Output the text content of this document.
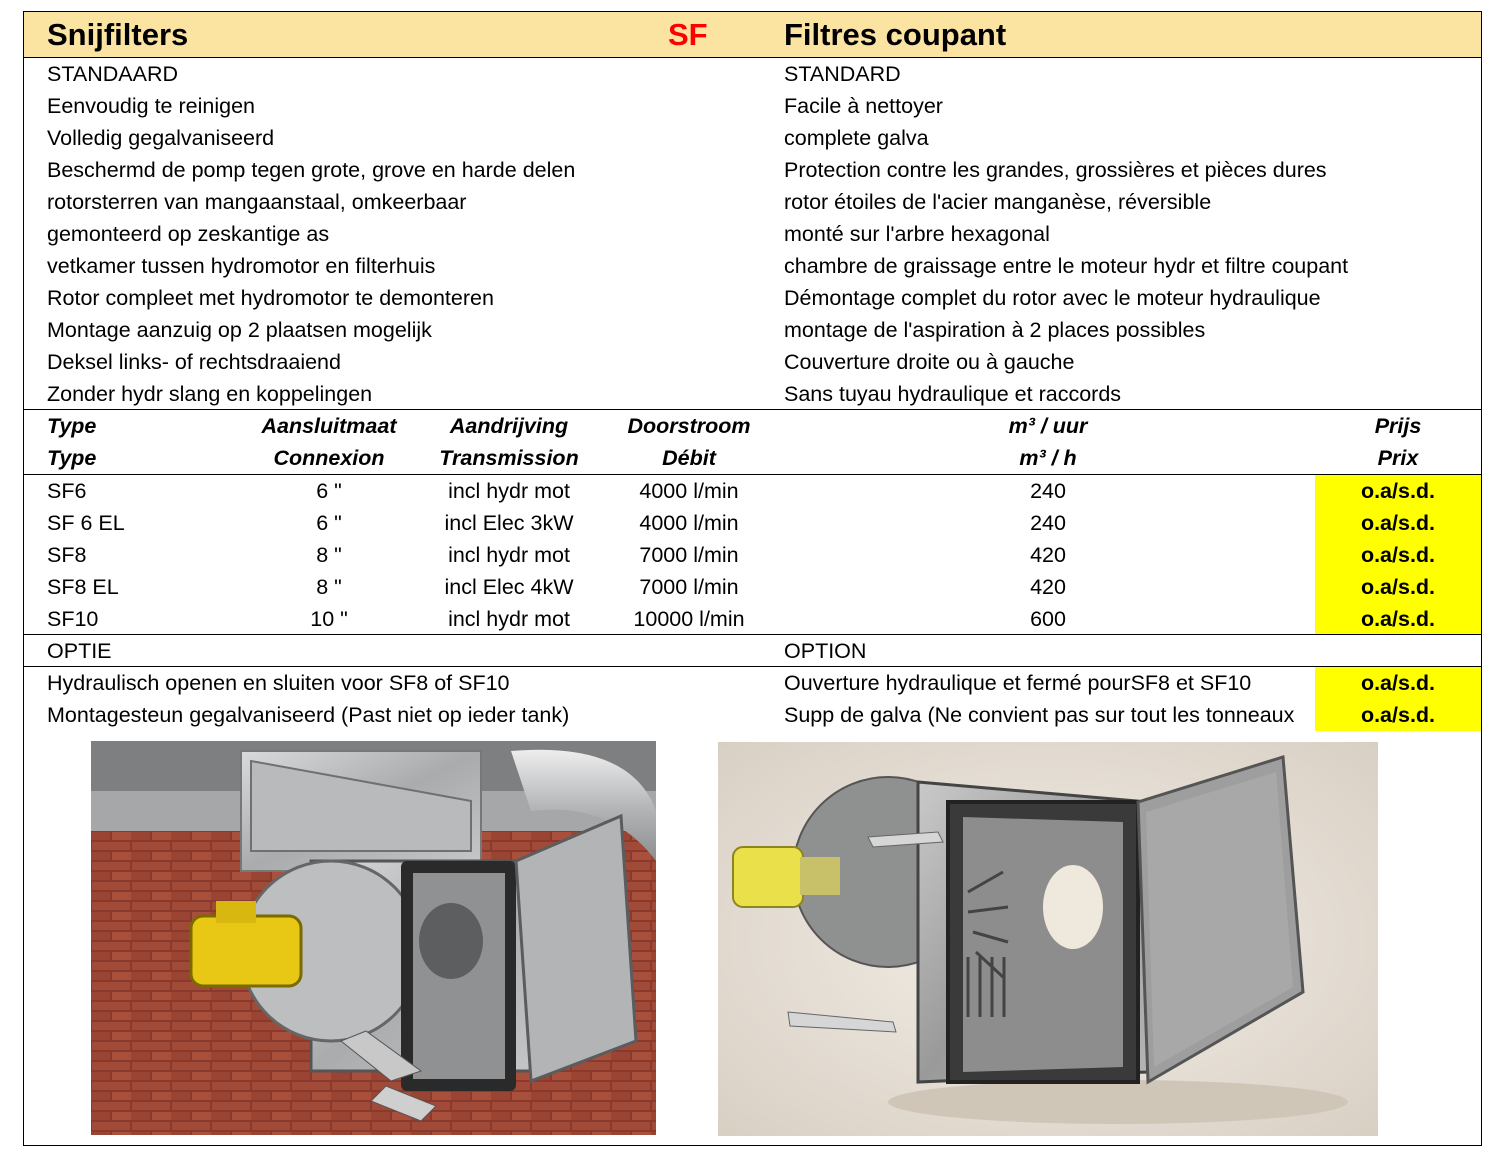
Snijfilters	SF Filtres coupant
STANDAARD	STANDARD
Eenvoudig te reinigen	Facile à nettoyer
Volledig gegalvaniseerd	complete galva
Beschermd de pomp tegen grote, grove en harde delen	Protection contre les grandes, grossières et pièces dures
rotorsterren van mangaanstaal, omkeerbaar	rotor étoiles de l'acier manganèse, réversible
gemonteerd op zeskantige as	monté sur l'arbre hexagonal
vetkamer tussen hydromotor en filterhuis	chambre de graissage entre le moteur hydr et filtre coupant
Rotor compleet met hydromotor te demonteren	Démontage complet du rotor avec le moteur hydraulique
Montage aanzuig op 2 plaatsen mogelijk	montage de l'aspiration à 2 places possibles
Deksel links- of rechtsdraaiend	Couverture droite ou à gauche
Zonder hydr slang en koppelingen	Sans tuyau hydraulique et raccords
Type	Aansluitmaat	Aandrijving	Doorstroom	m³ / uur	Prijs
Type	Connexion	Transmission	Débit	m³ / h	Prix
SF6	6 "	incl hydr mot	4000 l/min	240	o.a/s.d.
SF 6 EL	6 "	incl Elec 3kW	4000 l/min	240	o.a/s.d.
SF8	8 "	incl hydr mot	7000 l/min	420	o.a/s.d.
SF8 EL	8 "	incl Elec 4kW	7000 l/min	420	o.a/s.d.
SF10	10 "	incl hydr mot	10000 l/min	600	o.a/s.d.
OPTIE	OPTION
Hydraulisch openen en sluiten voor SF8 of SF10	Ouverture hydraulique et fermé pourSF8 et SF10	o.a/s.d.
Montagesteun gegalvaniseerd (Past niet op ieder tank)	Supp de galva (Ne convient pas sur tout les tonneaux	o.a/s.d.
